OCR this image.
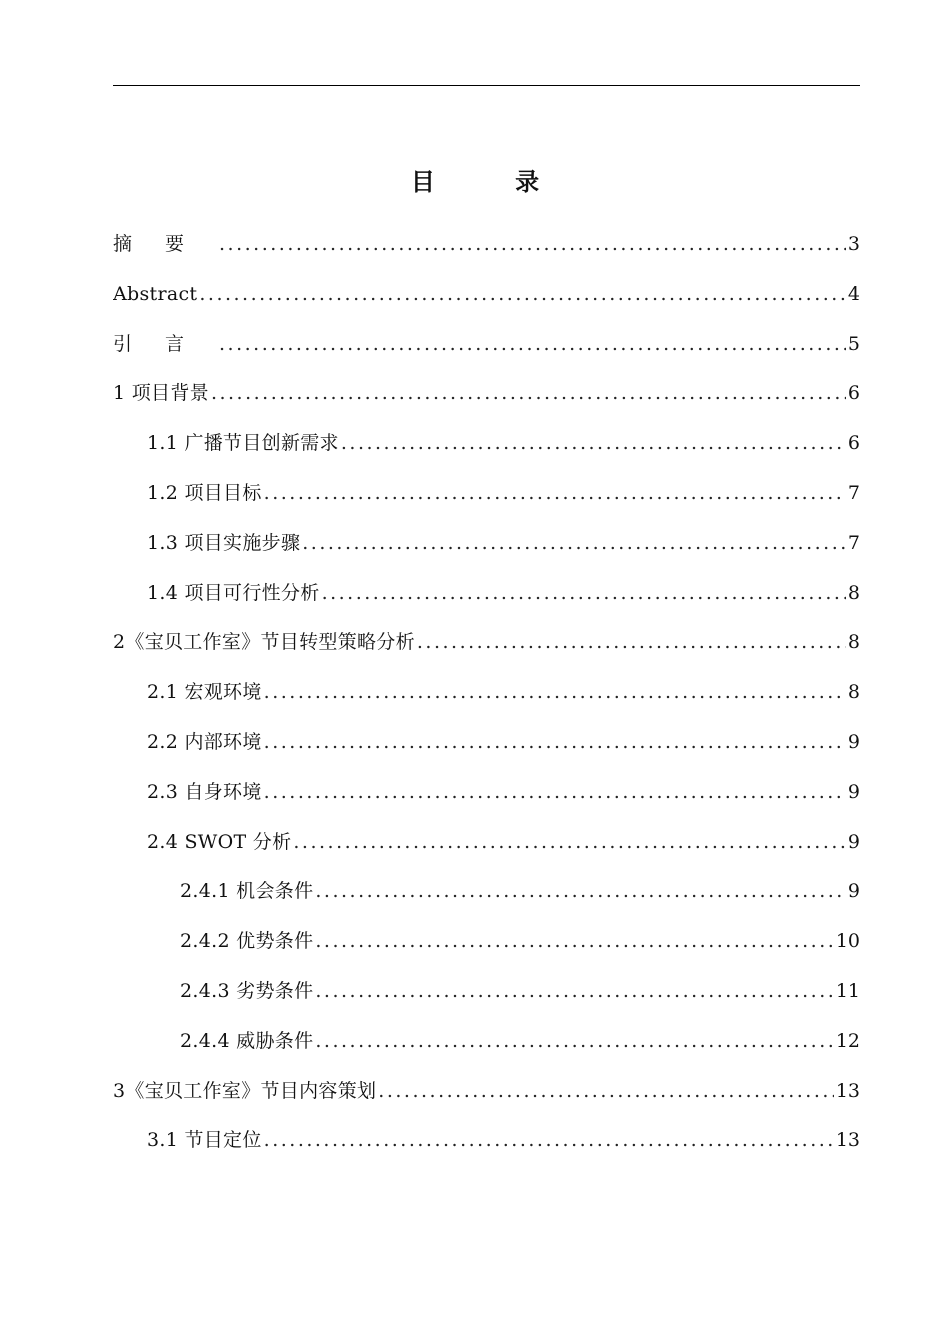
目 录
摘要 .....	3
Abstract .....	4
引言 .....	5
1 项目背景 .....	6
1.1 广播节目创新需求 .....	6
1.2 项目目标 .....	7
1.3 项目实施步骤 .....	7
1.4 项目可行性分析 .....	8
2《宝贝工作室》节目转型策略分析 .....	8
2.1 宏观环境 .....	8
2.2 内部环境 .....	9
2.3 自身环境 .....	9
2.4 SWOT 分析 .....	9
2.4.1 机会条件 .....	9
2.4.2 优势条件 .....	10
2.4.3 劣势条件 .....	11
2.4.4 威胁条件 .....	12
3《宝贝工作室》节目内容策划 .....	13
3.1 节目定位 .....	13
